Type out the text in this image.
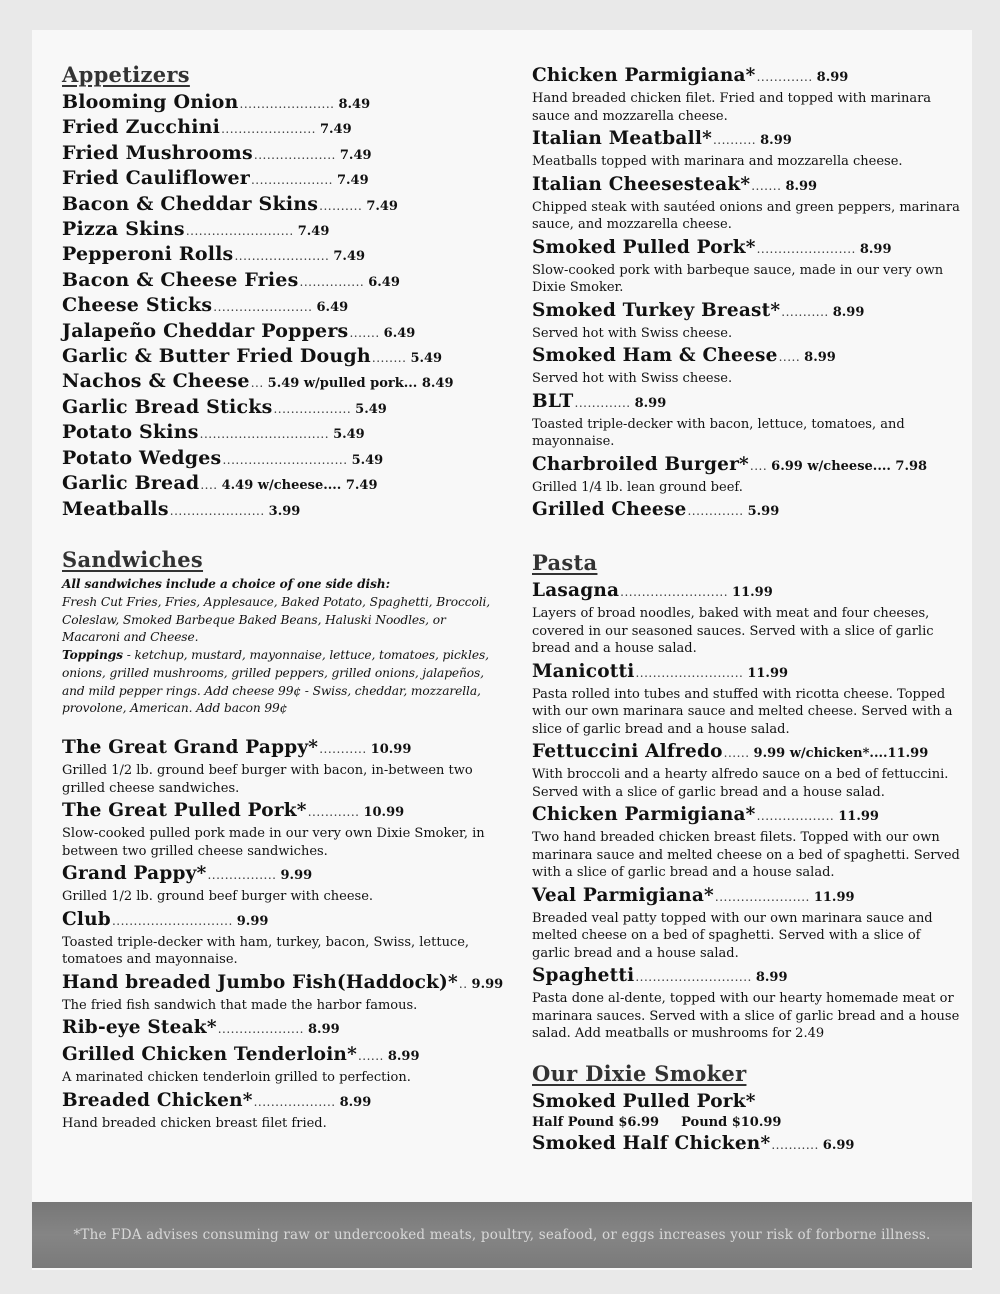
Appetizers
Blooming Onion ...................... 8.49
Fried Zucchini ...................... 7.49
Fried Mushrooms ................... 7.49
Fried Cauliflower ................... 7.49
Bacon & Cheddar Skins .......... 7.49
Pizza Skins ......................... 7.49
Pepperoni Rolls ...................... 7.49
Bacon & Cheese Fries ............... 6.49
Cheese Sticks ....................... 6.49
Jalapeño Cheddar Poppers ....... 6.49
Garlic & Butter Fried Dough ........ 5.49
Nachos & Cheese ... 5.49 w/pulled pork... 8.49
Garlic Bread Sticks .................. 5.49
Potato Skins .............................. 5.49
Potato Wedges ............................. 5.49
Garlic Bread .... 4.49 w/cheese.... 7.49
Meatballs ...................... 3.99
Sandwiches
All sandwiches include a choice of one side dish:
Fresh Cut Fries, Fries, Applesauce, Baked Potato, Spaghetti, Broccoli, Coleslaw, Smoked Barbeque Baked Beans, Haluski Noodles, or Macaroni and Cheese.
Toppings - ketchup, mustard, mayonnaise, lettuce, tomatoes, pickles, onions, grilled mushrooms, grilled peppers, grilled onions, jalapeños, and mild pepper rings. Add cheese 99¢ - Swiss, cheddar, mozzarella, provolone, American. Add bacon 99¢
The Great Grand Pappy* ........... 10.99
Grilled 1/2 lb. ground beef burger with bacon, in-between two grilled cheese sandwiches.
The Great Pulled Pork* ............ 10.99
Slow-cooked pulled pork made in our very own Dixie Smoker, in between two grilled cheese sandwiches.
Grand Pappy* ................ 9.99
Grilled 1/2 lb. ground beef burger with cheese.
Club ............................ 9.99
Toasted triple-decker with ham, turkey, bacon, Swiss, lettuce, tomatoes and mayonnaise.
Hand breaded Jumbo Fish(Haddock)* .. 9.99
The fried fish sandwich that made the harbor famous.
Rib-eye Steak* .................... 8.99
Grilled Chicken Tenderloin* ...... 8.99
A marinated chicken tenderloin grilled to perfection.
Breaded Chicken* ................... 8.99
Hand breaded chicken breast filet fried.
Chicken Parmigiana* ............. 8.99
Hand breaded chicken filet. Fried and topped with marinara sauce and mozzarella cheese.
Italian Meatball* .......... 8.99
Meatballs topped with marinara and mozzarella cheese.
Italian Cheesesteak* ....... 8.99
Chipped steak with sautéed onions and green peppers, marinara sauce, and mozzarella cheese.
Smoked Pulled Pork* ....................... 8.99
Slow-cooked pork with barbeque sauce, made in our very own Dixie Smoker.
Smoked Turkey Breast* ........... 8.99
Served hot with Swiss cheese.
Smoked Ham & Cheese ..... 8.99
Served hot with Swiss cheese.
BLT ............. 8.99
Toasted triple-decker with bacon, lettuce, tomatoes, and mayonnaise.
Charbroiled Burger* .... 6.99 w/cheese.... 7.98
Grilled 1/4 lb. lean ground beef.
Grilled Cheese ............. 5.99
Pasta
Lasagna ......................... 11.99
Layers of broad noodles, baked with meat and four cheeses, covered in our seasoned sauces. Served with a slice of garlic bread and a house salad.
Manicotti ......................... 11.99
Pasta rolled into tubes and stuffed with ricotta cheese. Topped with our own marinara sauce and melted cheese. Served with a slice of garlic bread and a house salad.
Fettuccini Alfredo ...... 9.99 w/chicken*....11.99
With broccoli and a hearty alfredo sauce on a bed of fettuccini. Served with a slice of garlic bread and a house salad.
Chicken Parmigiana* .................. 11.99
Two hand breaded chicken breast filets. Topped with our own marinara sauce and melted cheese on a bed of spaghetti. Served with a slice of garlic bread and a house salad.
Veal Parmigiana* ...................... 11.99
Breaded veal patty topped with our own marinara sauce and melted cheese on a bed of spaghetti. Served with a slice of garlic bread and a house salad.
Spaghetti ........................... 8.99
Pasta done al-dente, topped with our hearty homemade meat or marinara sauces. Served with a slice of garlic bread and a house salad. Add meatballs or mushrooms for 2.49
Our Dixie Smoker
Smoked Pulled Pork*
Half Pound $6.99 Pound $10.99
Smoked Half Chicken* ........... 6.99
*The FDA advises consuming raw or undercooked meats, poultry, seafood, or eggs increases your risk of forborne illness.
